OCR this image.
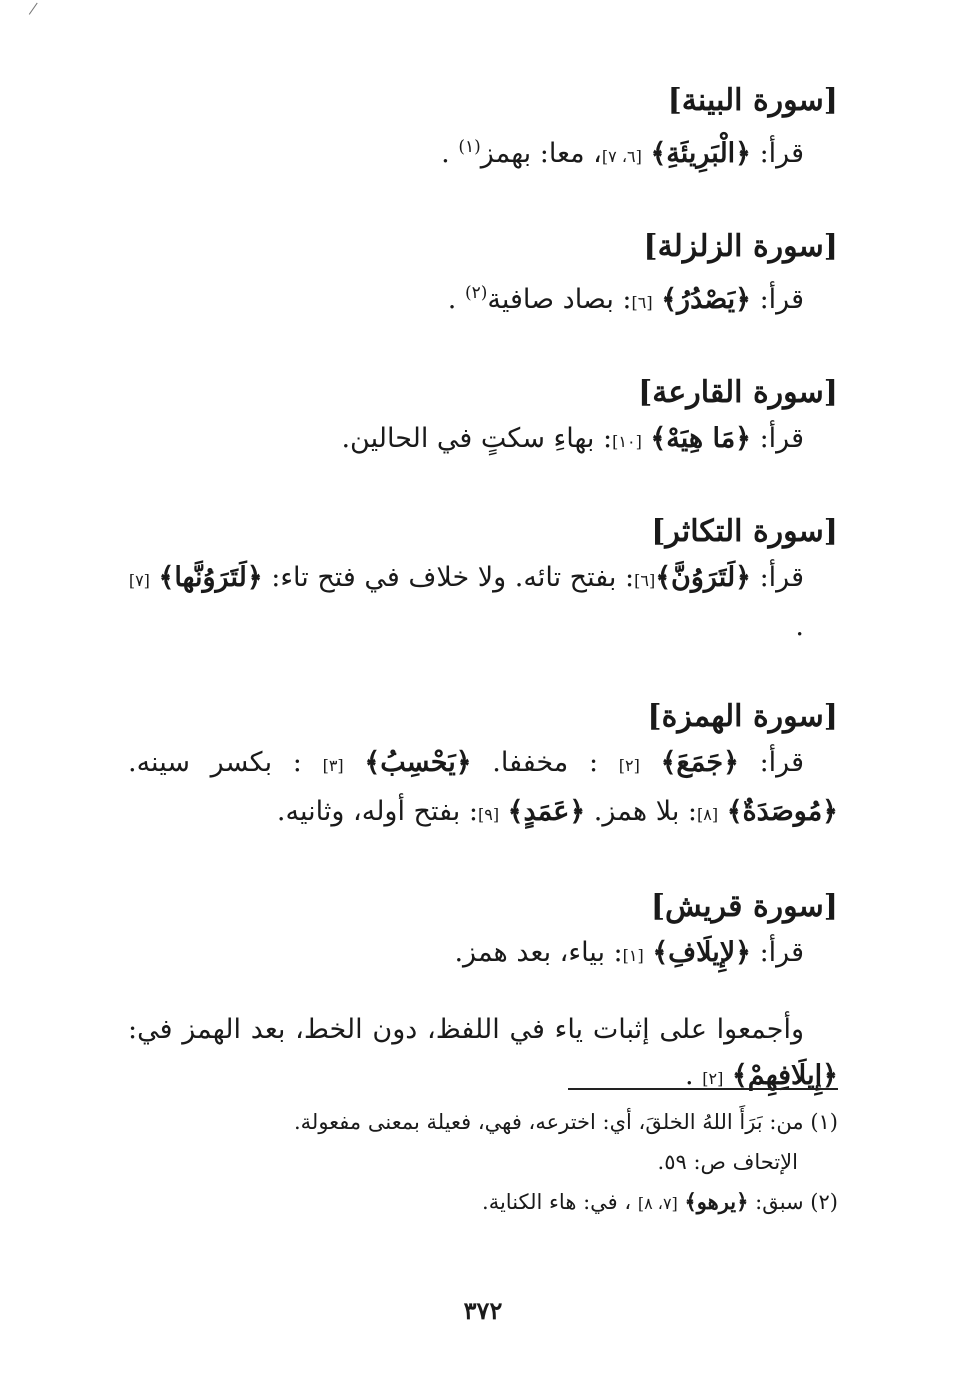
[سورة البينة]

قرأ: ﴿الْبَرِيئَةِ﴾ [٦، ٧]، معا: بهمز$^{(١)}$ .

[سورة الزلزلة]

قرأ: ﴿يَصْدُرُ﴾ [٦]: بصاد صافية$^{(٢)}$ .

[سورة القارعة]

قرأ: ﴿مَا هِيَهْ﴾ [١٠]: بهاءِ سكتٍ في الحالين.

[سورة التكاثر]

قرأ: ﴿لَتَرَوُنَّ﴾[٦]: بفتح تائه. ولا خلاف في فتح تاء: ﴿لَتَرَوُنَّها﴾ [٧] .

[سورة الهمزة]

قرأ: ﴿جَمَعَ﴾ [٢] : مخففا. ﴿يَحْسِبُ﴾ [٣] : بكسر سينه.

﴿مُوصَدَةٌ﴾ [٨]: بلا همز. ﴿عَمَدٍ﴾ [٩]: بفتح أوله، وثانيه.

[سورة قريش]

قرأ: ﴿لإِيلَافِ﴾ [١]: بياء، بعد همز.

وأجمعوا على إثبات ياء في اللفظ، دون الخط، بعد الهمز في:

﴿إِيلَافِهِمْ﴾ [٢] .

(١) من: بَرَأَ اللهُ الخلقَ، أي: اخترعه، فهي، فعيلة بمعنى مفعولة.

الإتحاف ص: ٥٩.

(٢) سبق: ﴿يرهو﴾ [٧، ٨] ، في: هاء الكناية.

٣٧٢
